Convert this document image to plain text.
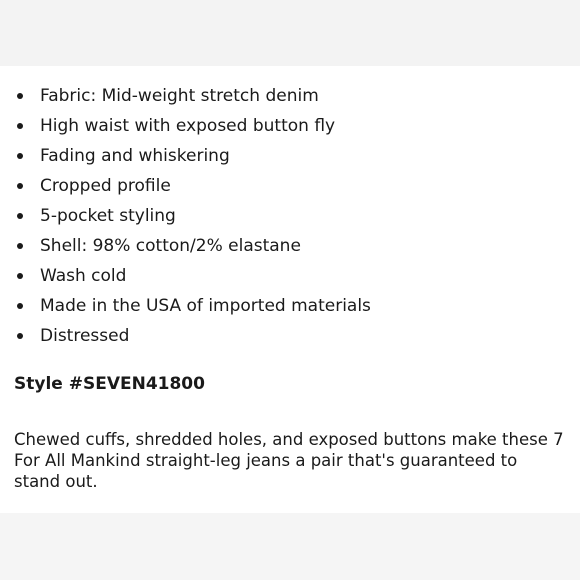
Fabric: Mid-weight stretch denim
High waist with exposed button fly
Fading and whiskering
Cropped profile
5-pocket styling
Shell: 98% cotton/2% elastane
Wash cold
Made in the USA of imported materials
Distressed
Style #SEVEN41800

Chewed cuffs, shredded holes, and exposed buttons make these 7 For All Mankind straight-leg jeans a pair that's guaranteed to stand out.
